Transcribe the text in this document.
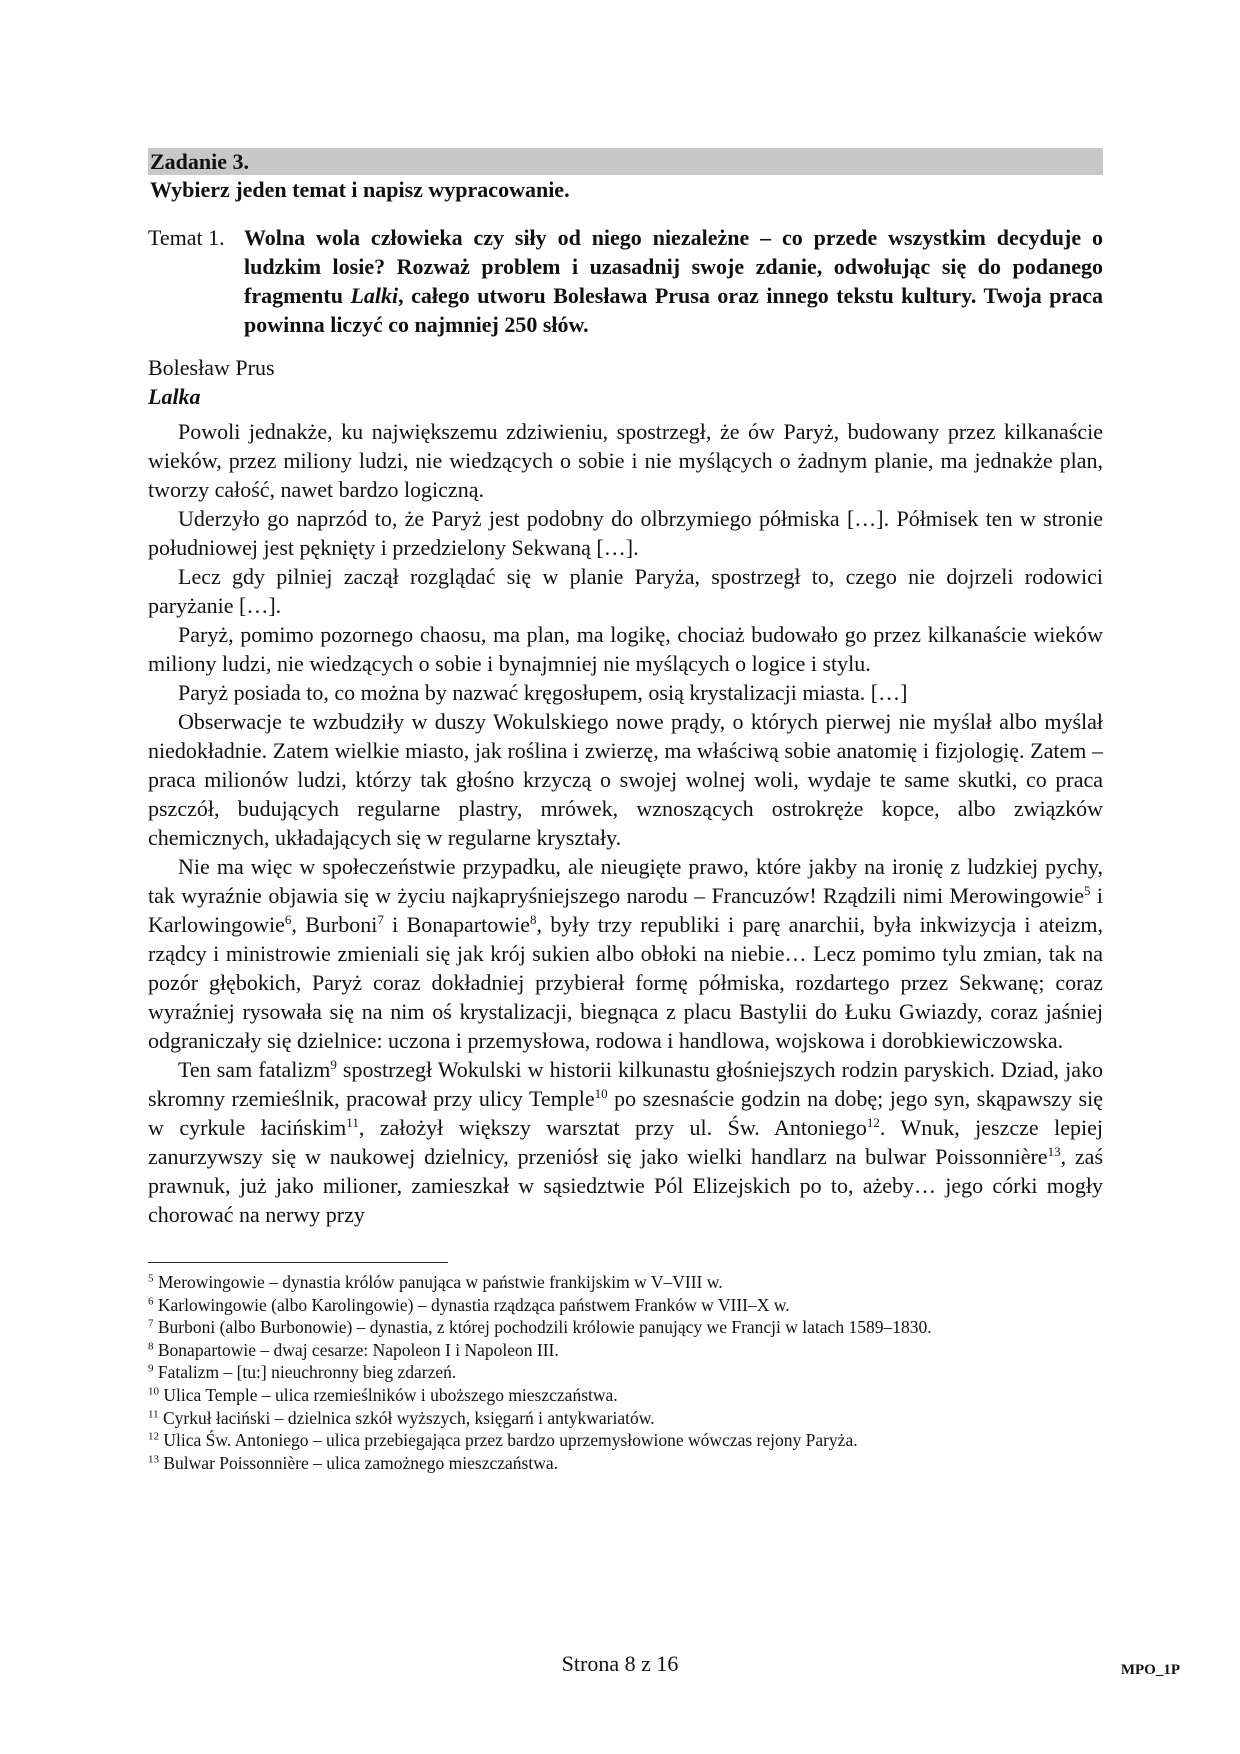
Zadanie 3.
Wybierz jeden temat i napisz wypracowanie.
Temat 1. Wolna wola człowieka czy siły od niego niezależne – co przede wszystkim decyduje o ludzkim losie? Rozważ problem i uzasadnij swoje zdanie, odwołując się do podanego fragmentu Lalki, całego utworu Bolesława Prusa oraz innego tekstu kultury. Twoja praca powinna liczyć co najmniej 250 słów.
Bolesław Prus
Lalka

Powoli jednakże, ku największemu zdziwieniu, spostrzegł, że ów Paryż, budowany przez kilkanaście wieków, przez miliony ludzi, nie wiedzących o sobie i nie myślących o żadnym planie, ma jednakże plan, tworzy całość, nawet bardzo logiczną.

Uderzyło go naprzód to, że Paryż jest podobny do olbrzymiego półmiska […]. Półmisek ten w stronie południowej jest pęknięty i przedzielony Sekwaną […].

Lecz gdy pilniej zaczął rozglądać się w planie Paryża, spostrzegł to, czego nie dojrzeli rodowici paryżanie […].

Paryż, pomimo pozornego chaosu, ma plan, ma logikę, chociaż budowało go przez kilkanaście wieków miliony ludzi, nie wiedzących o sobie i bynajmniej nie myślących o logice i stylu.

Paryż posiada to, co można by nazwać kręgosłupem, osią krystalizacji miasta. […]

Obserwacje te wzbudziły w duszy Wokulskiego nowe prądy, o których pierwej nie myślał albo myślał niedokładnie. Zatem wielkie miasto, jak roślina i zwierzę, ma właściwą sobie anatomię i fizjologię. Zatem – praca milionów ludzi, którzy tak głośno krzyczą o swojej wolnej woli, wydaje te same skutki, co praca pszczół, budujących regularne plastry, mrówek, wznoszących ostrokręże kopce, albo związków chemicznych, układających się w regularne kryształy.

Nie ma więc w społeczeństwie przypadku, ale nieugięte prawo, które jakby na ironię z ludzkiej pychy, tak wyraźnie objawia się w życiu najkapryśniejszego narodu – Francuzów! Rządzili nimi Merowingowie$^5$ i Karlowingowie$^6$, Burboni$^7$ i Bonapartowie$^8$, były trzy republiki i parę anarchii, była inkwizycja i ateizm, rządcy i ministrowie zmieniali się jak krój sukien albo obłoki na niebie… Lecz pomimo tylu zmian, tak na pozór głębokich, Paryż coraz dokładniej przybierał formę półmiska, rozdartego przez Sekwanę; coraz wyraźniej rysowała się na nim oś krystalizacji, biegnąca z placu Bastylii do Łuku Gwiazdy, coraz jaśniej odgraniczały się dzielnice: uczona i przemysłowa, rodowa i handlowa, wojskowa i dorobkiewiczowska.

Ten sam fatalizm$^9$ spostrzegł Wokulski w historii kilkunastu głośniejszych rodzin paryskich. Dziad, jako skromny rzemieślnik, pracował przy ulicy Temple$^{10}$ po szesnaście godzin na dobę; jego syn, skąpawszy się w cyrkule łacińskim$^{11}$, założył większy warsztat przy ul. Św. Antoniego$^{12}$. Wnuk, jeszcze lepiej zanurzywszy się w naukowej dzielnicy, przeniósł się jako wielki handlarz na bulwar Poissonnière$^{13}$, zaś prawnuk, już jako milioner, zamieszkał w sąsiedztwie Pól Elizejskich po to, ażeby… jego córki mogły chorować na nerwy przy

$^5$ Merowingowie – dynastia królów panująca w państwie frankijskim w V–VIII w.
$^6$ Karlowingowie (albo Karolingowie) – dynastia rządząca państwem Franków w VIII–X w.
$^7$ Burboni (albo Burbonowie) – dynastia, z której pochodzili królowie panujący we Francji w latach 1589–1830.
$^8$ Bonapartowie – dwaj cesarze: Napoleon I i Napoleon III.
$^9$ Fatalizm – [tu:] nieuchronny bieg zdarzeń.
$^{10}$ Ulica Temple – ulica rzemieślników i uboższego mieszczaństwa.
$^{11}$ Cyrkuł łaciński – dzielnica szkół wyższych, księgarń i antykwariatów.
$^{12}$ Ulica Św. Antoniego – ulica przebiegająca przez bardzo uprzemysłowione wówczas rejony Paryża.
$^{13}$ Bulwar Poissonnière – ulica zamożnego mieszczaństwa.
Strona 8 z 16	MPO_1P
